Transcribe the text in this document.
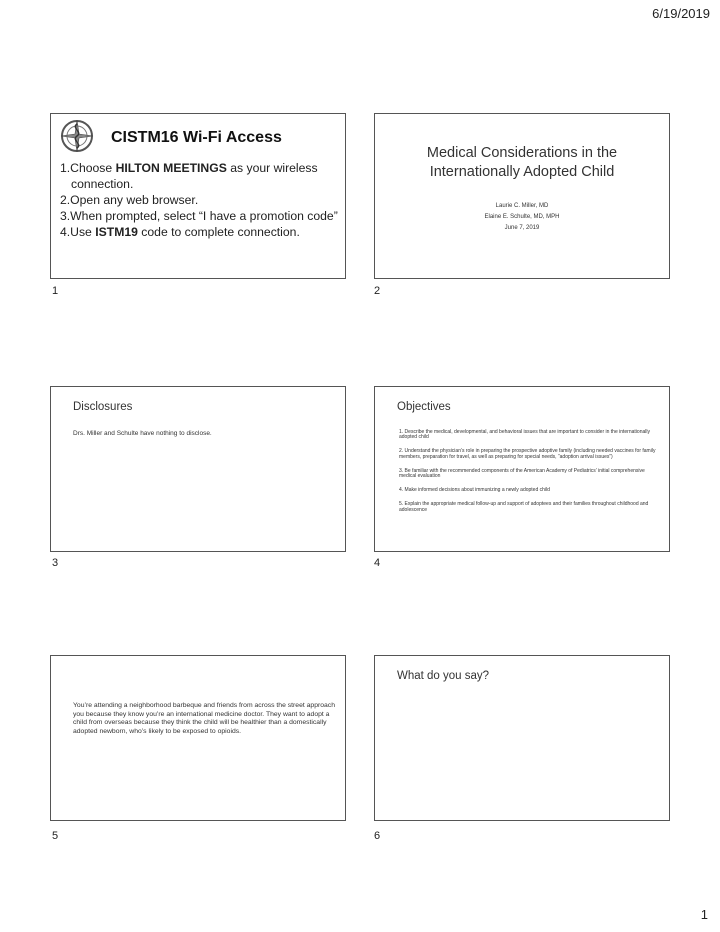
6/19/2019
CISTM16 Wi-Fi Access
1.Choose HILTON MEETINGS as your wireless connection.
2.Open any web browser.
3.When prompted, select “I have a promotion code”
4.Use ISTM19 code to complete connection.
1
Medical Considerations in the
Internationally Adopted Child
Laurie C. Miller, MD
Elaine E. Schulte, MD, MPH
June 7, 2019
2
Disclosures
Drs. Miller and Schulte have nothing to disclose.
3
Objectives
1. Describe the medical, developmental, and behavioral issues that are important to consider in the internationally adopted child
2. Understand the physician’s role in preparing the prospective adoptive family (including needed vaccines for family members, preparation for travel, as well as preparing for special needs, “adoption arrival issues”)
3. Be familiar with the recommended components of the American Academy of Pediatrics’ initial comprehensive medical evaluation
4. Make informed decisions about immunizing a newly adopted child
5. Explain the appropriate medical follow-up and support of adoptees and their families throughout childhood and adolescence
4
You’re attending a neighborhood barbeque and friends from across the street approach you because they know you’re an international medicine doctor. They want to adopt a child from overseas because they think the child will be healthier than a domestically adopted newborn, who’s likely to be exposed to opioids.
5
What do you say?
6
1
